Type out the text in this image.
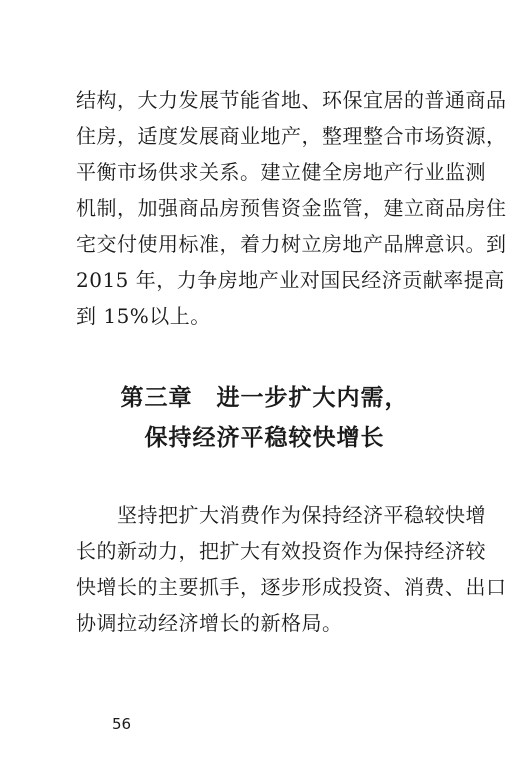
结构，大力发展节能省地、环保宜居的普通商品
住房，适度发展商业地产，整理整合市场资源，
平衡市场供求关系。建立健全房地产行业监测
机制，加强商品房预售资金监管，建立商品房住
宅交付使用标准，着力树立房地产品牌意识。到
2015 年，力争房地产业对国民经济贡献率提高
到 15%以上。

第三章　进一步扩大内需，
保持经济平稳较快增长

　　坚持把扩大消费作为保持经济平稳较快增
长的新动力，把扩大有效投资作为保持经济较
快增长的主要抓手，逐步形成投资、消费、出口
协调拉动经济增长的新格局。

56
